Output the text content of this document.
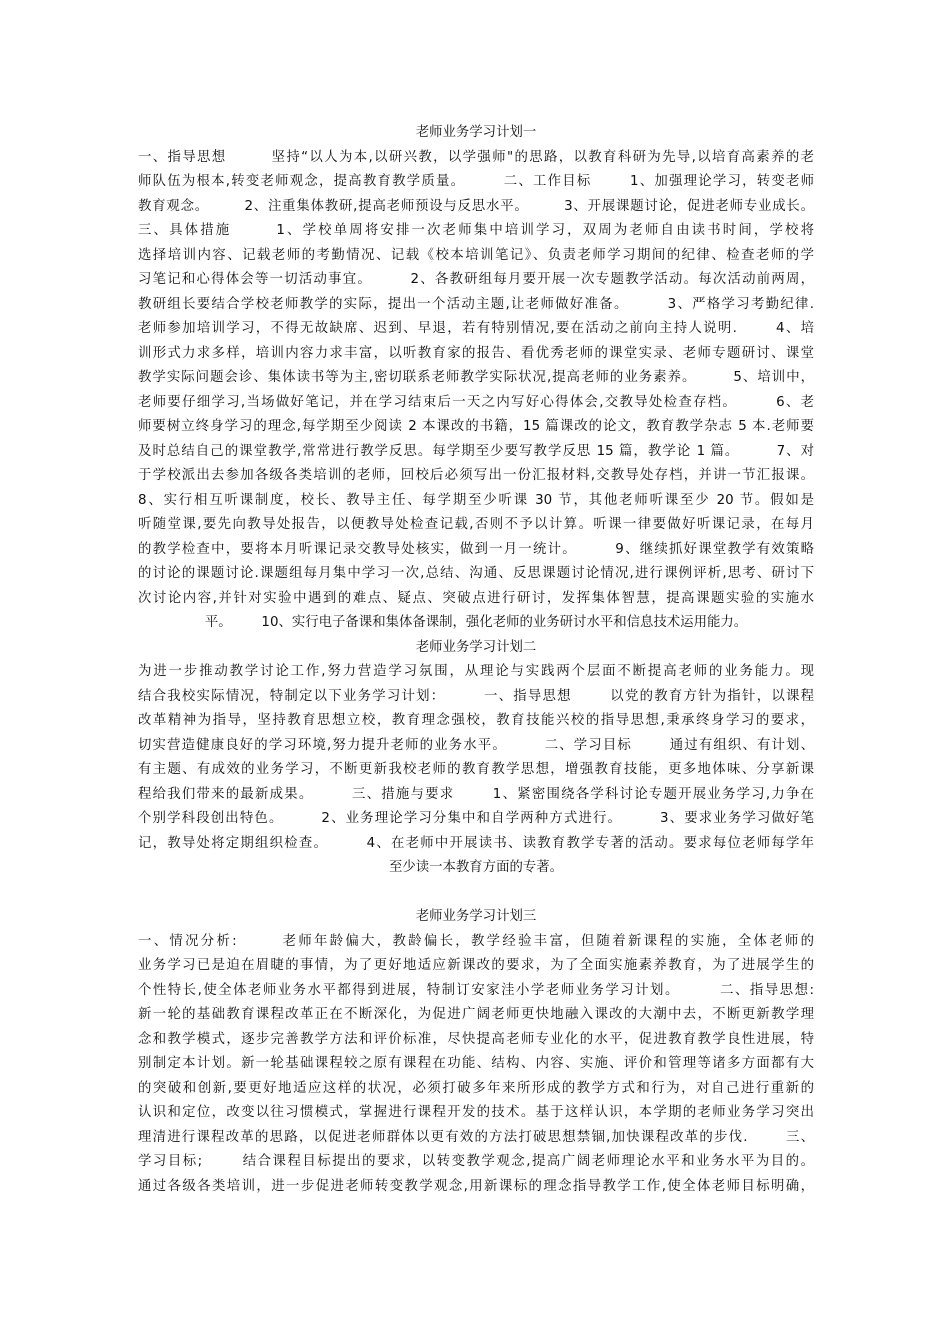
老师业务学习计划一
一、指导思想        坚持“以人为本,以研兴教，以学强师"的思路，以教育科研为先导,以培育高素养的老
师队伍为根本,转变老师观念，提高教育教学质量。       二、工作目标       1、加强理论学习，转变老师
教育观念。       2、注重集体教研,提高老师预设与反思水平。       3、开展课题讨论，促进老师专业成长。
三、具体措施       1、学校单周将安排一次老师集中培训学习，双周为老师自由读书时间，学校将
选择培训内容、记载老师的考勤情况、记载《校本培训笔记》、负责老师学习期间的纪律、检查老师的学
习笔记和心得体会等一切活动事宜。       2、各教研组每月要开展一次专题教学活动。每次活动前两周，
教研组长要结合学校老师教学的实际，提出一个活动主题,让老师做好准备。       3、严格学习考勤纪律.
老师参加培训学习，不得无故缺席、迟到、早退，若有特别情况,要在活动之前向主持人说明.       4、培
训形式力求多样，培训内容力求丰富，以听教育家的报告、看优秀老师的课堂实录、老师专题研讨、课堂
教学实际问题会诊、集体读书等为主,密切联系老师教学实际状况,提高老师的业务素养。       5、培训中，
老师要仔细学习,当场做好笔记，并在学习结束后一天之内写好心得体会,交教导处检查存档。       6、老
师要树立终身学习的理念,每学期至少阅读 2 本课改的书籍，15 篇课改的论文，教育教学杂志 5 本.老师要
及时总结自己的课堂教学,常常进行教学反思。每学期至少要写教学反思 15 篇，教学论 1 篇。       7、对
于学校派出去参加各级各类培训的老师，回校后必须写出一份汇报材料,交教导处存档，并讲一节汇报课。
8、实行相互听课制度，校长、教导主任、每学期至少听课 30 节，其他老师听课至少 20 节。假如是
听随堂课,要先向教导处报告，以便教导处检查记载,否则不予以计算。听课一律要做好听课记录，在每月
的教学检查中，要将本月听课记录交教导处核实，做到一月一统计。       9、继续抓好课堂教学有效策略
的讨论的课题讨论.课题组每月集中学习一次,总结、沟通、反思课题讨论情况,进行课例评析,思考、研讨下
次讨论内容,并针对实验中遇到的难点、疑点、突破点进行研讨，发挥集体智慧，提高课题实验的实施水
平。       10、实行电子备课和集体备课制，强化老师的业务研讨水平和信息技术运用能力。
老师业务学习计划二
为进一步推动教学讨论工作,努力营造学习氛围，从理论与实践两个层面不断提高老师的业务能力。现
结合我校实际情况，特制定以下业务学习计划：       一、指导思想       以党的教育方针为指针，以课程
改革精神为指导，坚持教育思想立校，教育理念强校，教育技能兴校的指导思想,秉承终身学习的要求，
切实营造健康良好的学习环境,努力提升老师的业务水平。       二、学习目标       通过有组织、有计划、
有主题、有成效的业务学习，不断更新我校老师的教育教学思想，增强教育技能，更多地体味、分享新课
程给我们带来的最新成果。       三、措施与要求       1、紧密围绕各学科讨论专题开展业务学习,力争在
个别学科段创出特色。       2、业务理论学习分集中和自学两种方式进行。       3、要求业务学习做好笔
记，教导处将定期组织检查。       4、在老师中开展读书、读教育教学专著的活动。要求每位老师每学年
至少读一本教育方面的专著。
老师业务学习计划三
一、情况分析:       老师年龄偏大，教龄偏长，教学经验丰富，但随着新课程的实施，全体老师的
业务学习已是迫在眉睫的事情，为了更好地适应新课改的要求，为了全面实施素养教育，为了进展学生的
个性特长,使全体老师业务水平都得到进展，特制订安家洼小学老师业务学习计划。       二、指导思想:
新一轮的基础教育课程改革正在不断深化，为促进广阔老师更快地融入课改的大潮中去，不断更新教学理
念和教学模式，逐步完善教学方法和评价标准，尽快提高老师专业化的水平，促进教育教学良性进展，特
别制定本计划。新一轮基础课程较之原有课程在功能、结构、内容、实施、评价和管理等诸多方面都有大
的突破和创新,要更好地适应这样的状况，必须打破多年来所形成的教学方式和行为，对自己进行重新的
认识和定位，改变以往习惯模式，掌握进行课程开发的技术。基于这样认识，本学期的老师业务学习突出
理清进行课程改革的思路，以促进老师群体以更有效的方法打破思想禁锢,加快课程改革的步伐.       三、
学习目标;       结合课程目标提出的要求，以转变教学观念,提高广阔老师理论水平和业务水平为目的。
通过各级各类培训，进一步促进老师转变教学观念,用新课标的理念指导教学工作,使全体老师目标明确，
